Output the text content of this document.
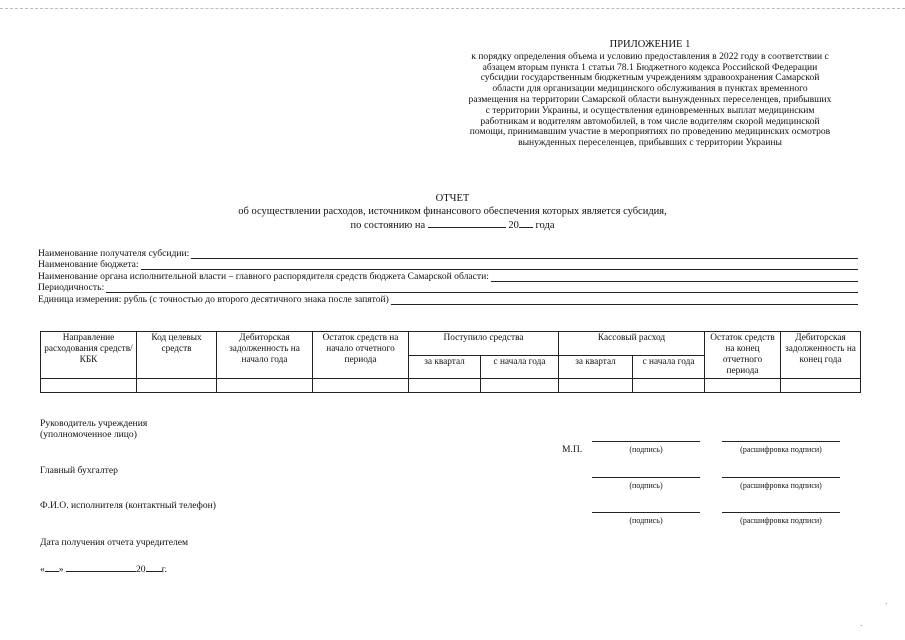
ПРИЛОЖЕНИЕ 1
к порядку определения объема и условию предоставления в 2022 году в соответствии с
абзацем вторым пункта 1 статьи 78.1 Бюджетного кодекса Российской Федерации
субсидии государственным бюджетным учреждениям здравоохранения Самарской
области для организации медицинского обслуживания в пунктах временного
размещения на территории Самарской области вынужденных переселенцев, прибывших
с территории Украины, и осуществления единовременных выплат медицинским
работникам и водителям автомобилей, в том числе водителям скорой медицинской
помощи, принимавшим участие в мероприятиях по проведению медицинских осмотров
вынужденных переселенцев, прибывших с территории Украины
ОТЧЕТ
об осуществлении расходов, источником финансового обеспечения которых является субсидия,
по состоянию на	20 года
Наименование получателя субсидии:
Наименование бюджета:
Наименование органа исполнительной власти – главного распорядителя средств бюджета Самарской области:
Периодичность:
Единица измерения: рубль (с точностью до второго десятичного знака после запятой)
Направление расходования средств/КБК	Код целевых средств	Дебиторская задолженность на начало года	Остаток средств на начало отчетного периода	Поступило средства		Кассовый расход		Остаток средств на конец отчетного периода	Дебиторская задолженность на конец года
				за квартал	с начала года	за квартал	с начала года		

Руководитель учреждения
(уполномоченное лицо)
М.П.	(подпись)	(расшифровка подписи)
Главный бухгалтер
(подпись)	(расшифровка подписи)
Ф.И.О. исполнителя (контактный телефон)
(подпись)	(расшифровка подписи)
Дата получения отчета учредителем
« »	20 г.
·
·
